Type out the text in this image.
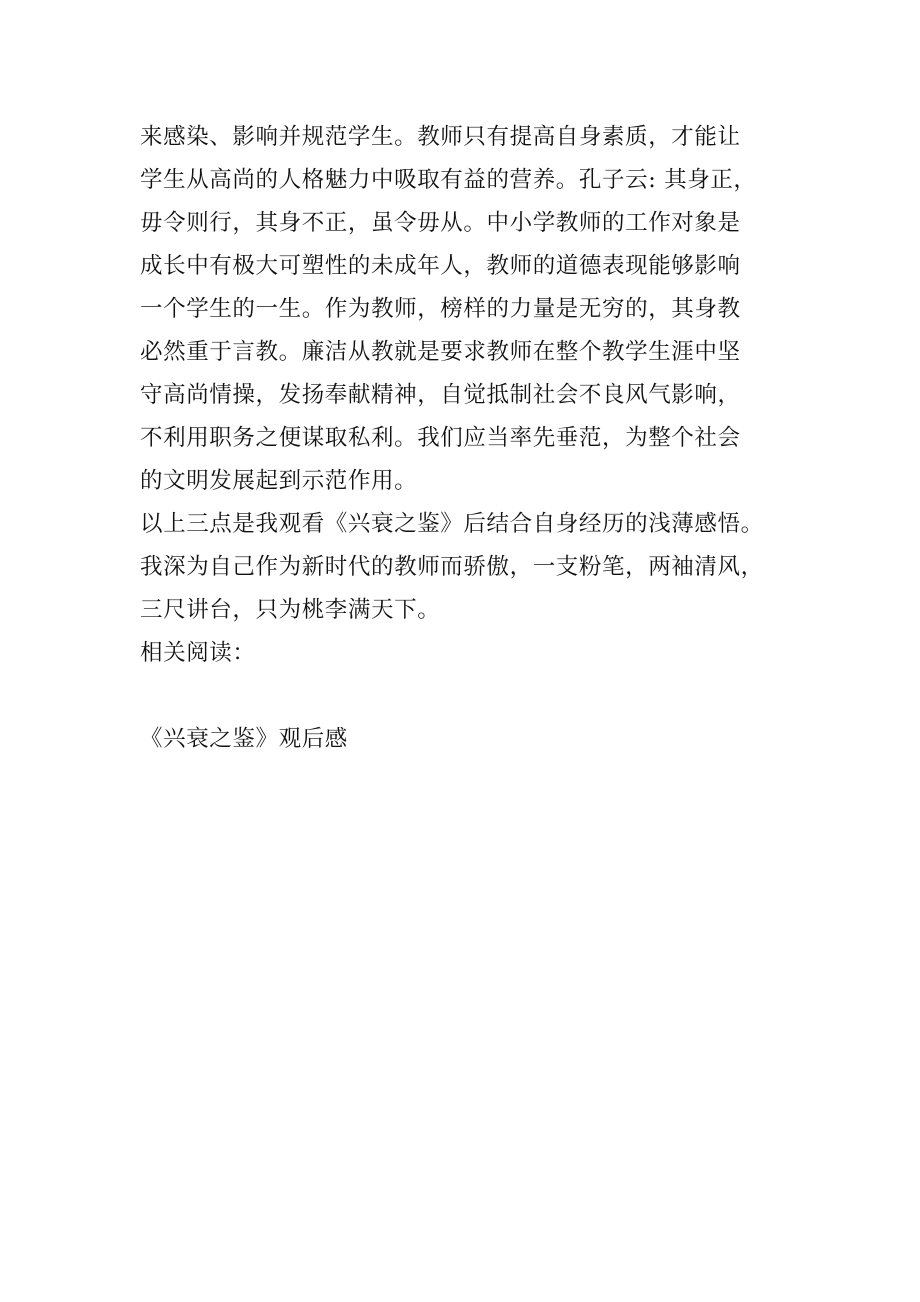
来感染、影响并规范学生。教师只有提高自身素质，才能让
学生从高尚的人格魅力中吸取有益的营养。孔子云: 其身正，
毋令则行，其身不正，虽令毋从。中小学教师的工作对象是
成长中有极大可塑性的未成年人，教师的道德表现能够影响
一个学生的一生。作为教师，榜样的力量是无穷的，其身教
必然重于言教。廉洁从教就是要求教师在整个教学生涯中坚
守高尚情操，发扬奉献精神，自觉抵制社会不良风气影响，
不利用职务之便谋取私利。我们应当率先垂范，为整个社会
的文明发展起到示范作用。
以上三点是我观看《兴衰之鉴》后结合自身经历的浅薄感悟。
我深为自己作为新时代的教师而骄傲，一支粉笔，两袖清风，
三尺讲台，只为桃李满天下。
相关阅读：
《兴衰之鉴》观后感
